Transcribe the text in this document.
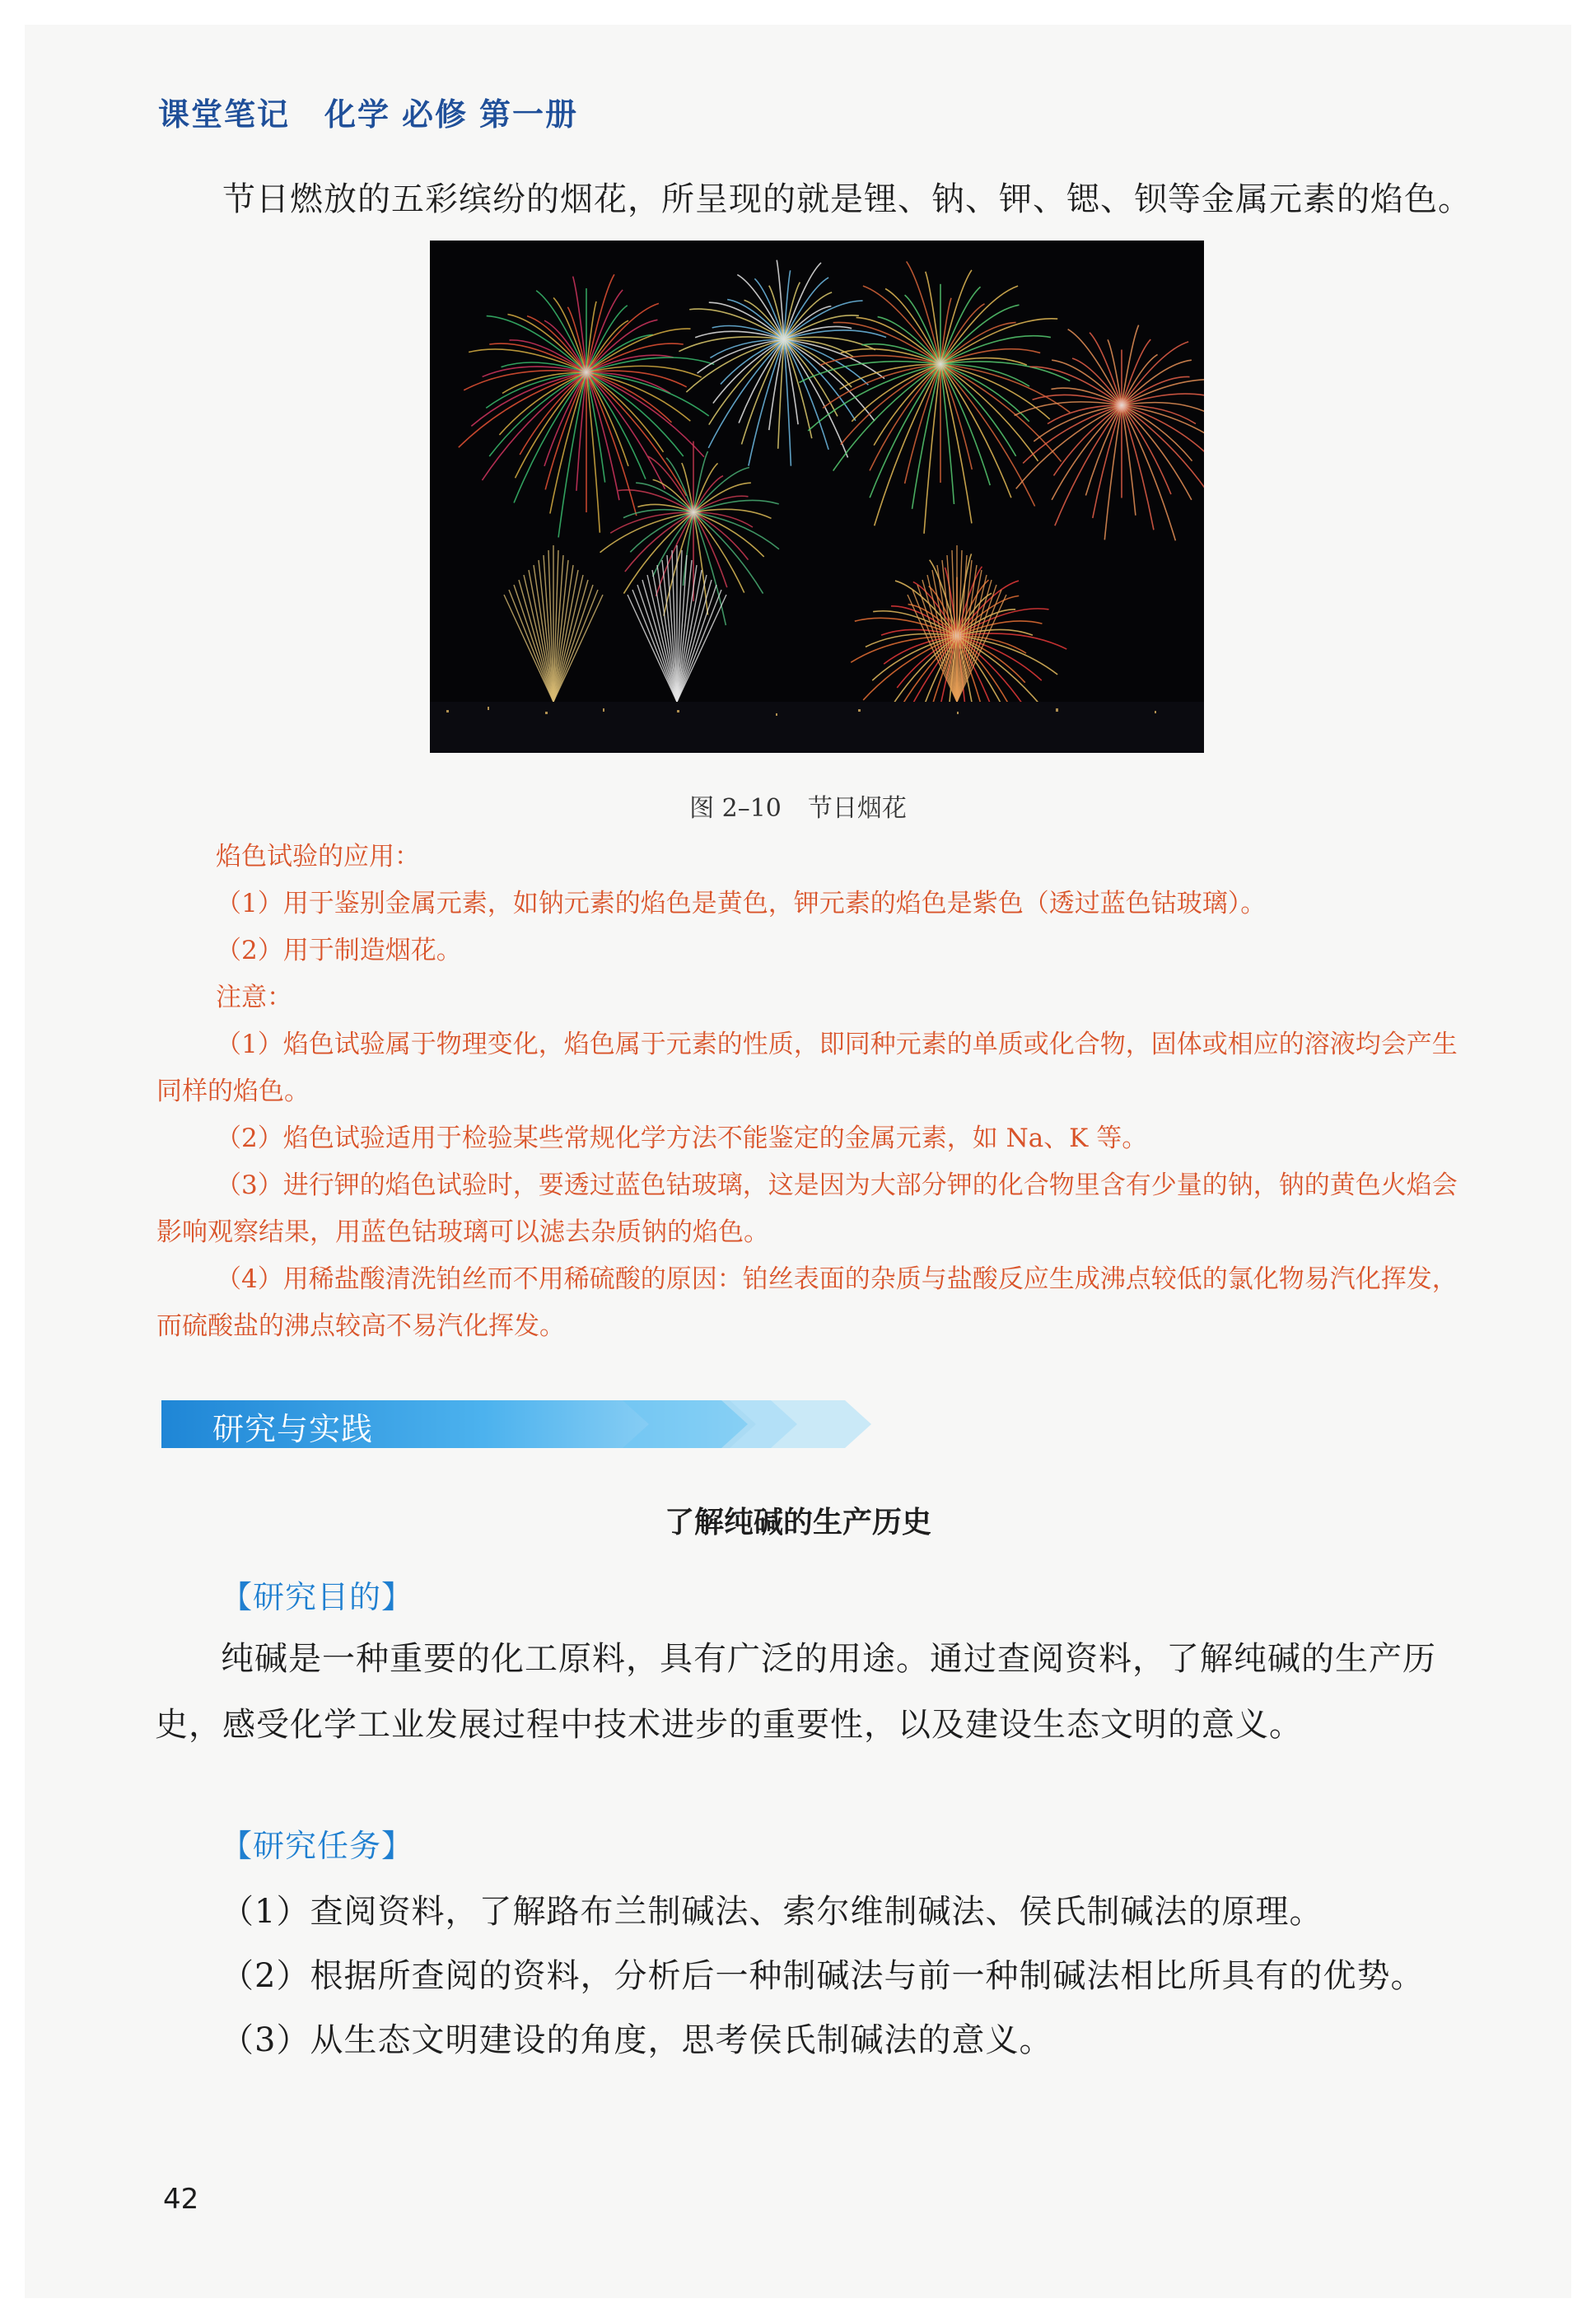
课堂笔记 化学 必修 第一册
节日燃放的五彩缤纷的烟花，所呈现的就是锂、钠、钾、锶、钡等金属元素的焰色。
图 2–10 节日烟花

焰色试验的应用：

（1）用于鉴别金属元素，如钠元素的焰色是黄色，钾元素的焰色是紫色（透过蓝色钴玻璃）。

（2）用于制造烟花。

注意：

（1）焰色试验属于物理变化，焰色属于元素的性质，即同种元素的单质或化合物，固体或相应的溶液均会产生同样的焰色。

（2）焰色试验适用于检验某些常规化学方法不能鉴定的金属元素，如 Na、K 等。

（3）进行钾的焰色试验时，要透过蓝色钴玻璃，这是因为大部分钾的化合物里含有少量的钠，钠的黄色火焰会影响观察结果，用蓝色钴玻璃可以滤去杂质钠的焰色。

（4）用稀盐酸清洗铂丝而不用稀硫酸的原因：铂丝表面的杂质与盐酸反应生成沸点较低的氯化物易汽化挥发，而硫酸盐的沸点较高不易汽化挥发。

研究与实践
了解纯碱的生产历史
【研究目的】

纯碱是一种重要的化工原料，具有广泛的用途。通过查阅资料，了解纯碱的生产历史，感受化学工业发展过程中技术进步的重要性，以及建设生态文明的意义。

【研究任务】

（1）查阅资料，了解路布兰制碱法、索尔维制碱法、侯氏制碱法的原理。

（2）根据所查阅的资料，分析后一种制碱法与前一种制碱法相比所具有的优势。

（3）从生态文明建设的角度，思考侯氏制碱法的意义。

42
